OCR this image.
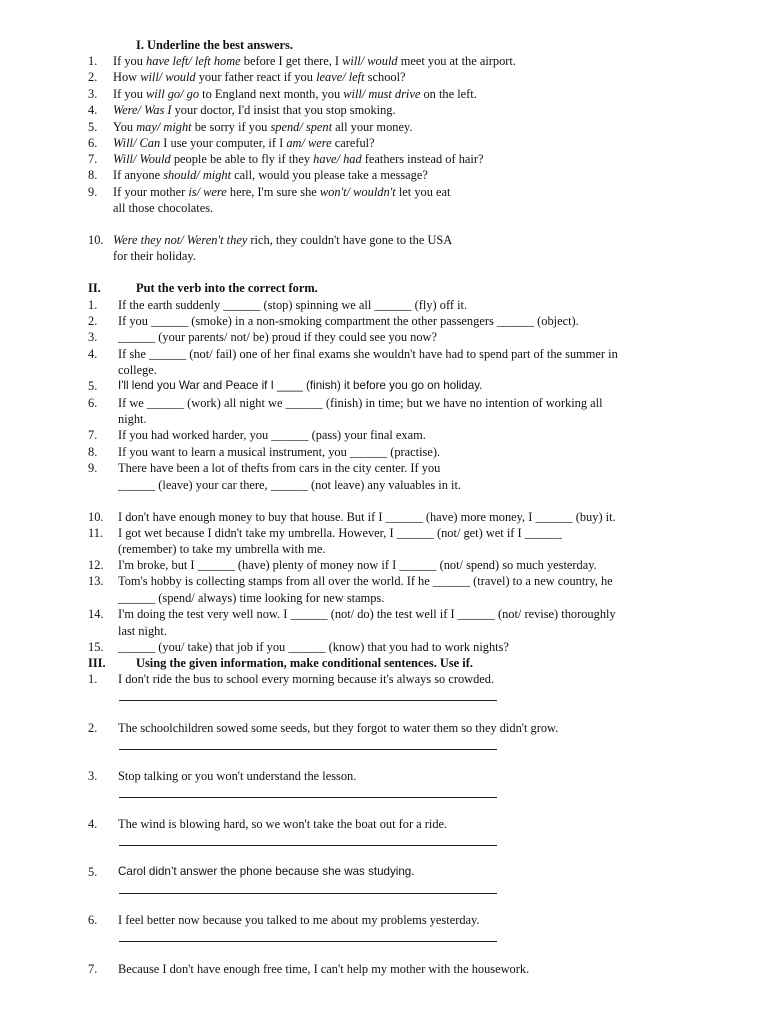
I. Underline the best answers.
1. If you have left/ left home before I get there, I will/ would meet you at the airport.
2. How will/ would your father react if you leave/ left school?
3. If you will go/ go to England next month, you will/ must drive on the left.
4. Were/ Was I your doctor, I'd insist that you stop smoking.
5. You may/ might be sorry if you spend/ spent all your money.
6. Will/ Can I use your computer, if I am/ were careful?
7. Will/ Would people be able to fly if they have/ had feathers instead of hair?
8. If anyone should/ might call, would you please take a message?
9. If your mother is/ were here, I'm sure she won't/ wouldn't let you eat
all those chocolates.
10. Were they not/ Weren't they rich, they couldn't have gone to the USA
for their holiday.
II.	Put the verb into the correct form.
1. If the earth suddenly ______ (stop) spinning we all ______ (fly) off it.
2. If you ______ (smoke) in a non-smoking compartment the other passengers ______ (object).
3. ______ (your parents/ not/ be) proud if they could see you now?
4. If she ______ (not/ fail) one of her final exams she wouldn't have had to spend part of the summer in
college.
5. I'll lend you War and Peace if I ____ (finish) it before you go on holiday.
6. If we ______ (work) all night we ______ (finish) in time; but we have no intention of working all
night.
7. If you had worked harder, you ______ (pass) your final exam.
8. If you want to learn a musical instrument, you ______ (practise).
9. There have been a lot of thefts from cars in the city center. If you
______ (leave) your car there, ______ (not leave) any valuables in it.
10. I don't have enough money to buy that house. But if I ______ (have) more money, I ______ (buy) it.
11. I got wet because I didn't take my umbrella. However, I ______ (not/ get) wet if I ______
(remember) to take my umbrella with me.
12. I'm broke, but I ______ (have) plenty of money now if I ______ (not/ spend) so much yesterday.
13. Tom's hobby is collecting stamps from all over the world. If he ______ (travel) to a new country, he
______ (spend/ always) time looking for new stamps.
14. I'm doing the test very well now. I ______ (not/ do) the test well if I ______ (not/ revise) thoroughly
last night.
15. ______ (you/ take) that job if you ______ (know) that you had to work nights?
III. Using the given information, make conditional sentences. Use if.
1. I don't ride the bus to school every morning because it's always so crowded.
2. The schoolchildren sowed some seeds, but they forgot to water them so they didn't grow.
3. Stop talking or you won't understand the lesson.
4. The wind is blowing hard, so we won't take the boat out for a ride.
5. Carol didn’t answer the phone because she was studying.
6. I feel better now because you talked to me about my problems yesterday.
7. Because I don't have enough free time, I can't help my mother with the housework.
